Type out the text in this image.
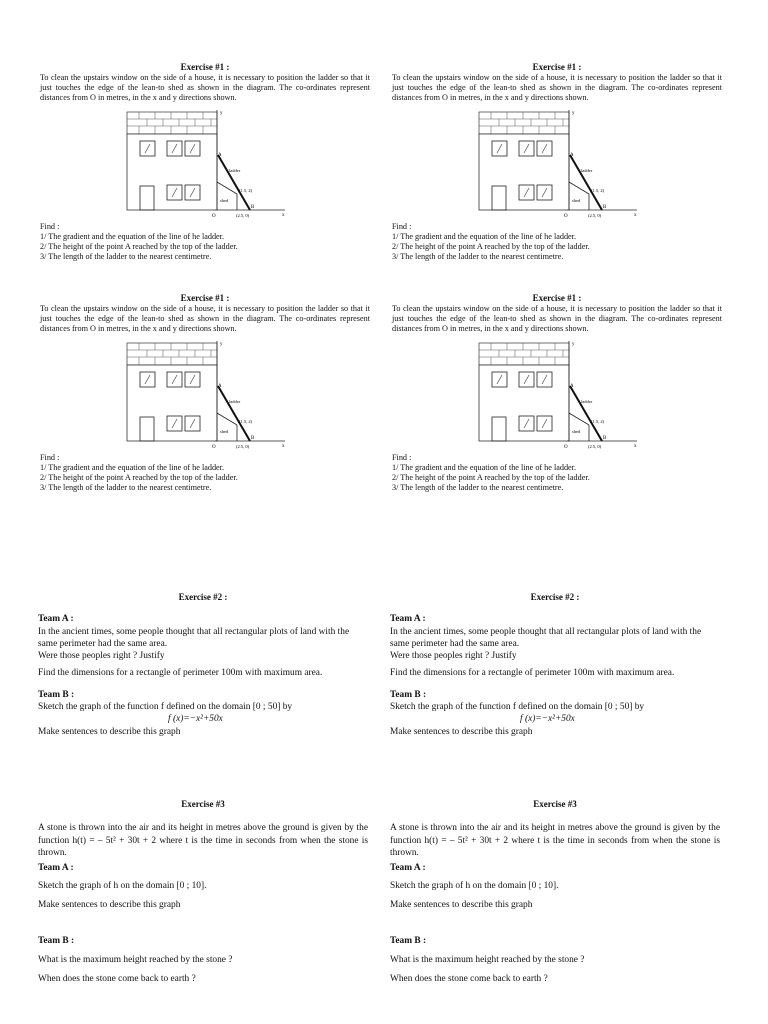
Exercise #1 :
To clean the upstairs window on the side of a house, it is necessary to position the ladder so that it just touches the edge of the lean-to shed as shown in the diagram. The co-ordinates represent distances from O in metres, in the x and y directions shown.
y
x
A
ladder
(1.5, 2)
shed
B
O	(2.5, 0)

Find :

1/ The gradient and the equation of the line of he ladder.

2/ The height of the point A reached by the top of the ladder.

3/ The length of the ladder to the nearest centimetre.

Exercise #1 :
To clean the upstairs window on the side of a house, it is necessary to position the ladder so that it just touches the edge of the lean-to shed as shown in the diagram. The co-ordinates represent distances from O in metres, in the x and y directions shown.
y
x
A
ladder
(1.5, 2)
shed
B
O	(2.5, 0)

Find :

1/ The gradient and the equation of the line of he ladder.

2/ The height of the point A reached by the top of the ladder.

3/ The length of the ladder to the nearest centimetre.

Exercise #1 :
To clean the upstairs window on the side of a house, it is necessary to position the ladder so that it just touches the edge of the lean-to shed as shown in the diagram. The co-ordinates represent distances from O in metres, in the x and y directions shown.
y
x
A
ladder
(1.5, 2)
shed
B
O	(2.5, 0)

Find :

1/ The gradient and the equation of the line of he ladder.

2/ The height of the point A reached by the top of the ladder.

3/ The length of the ladder to the nearest centimetre.

Exercise #1 :
To clean the upstairs window on the side of a house, it is necessary to position the ladder so that it just touches the edge of the lean-to shed as shown in the diagram. The co-ordinates represent distances from O in metres, in the x and y directions shown.
y
x
A
ladder
(1.5, 2)
shed
B
O	(2.5, 0)

Find :

1/ The gradient and the equation of the line of he ladder.

2/ The height of the point A reached by the top of the ladder.

3/ The length of the ladder to the nearest centimetre.

Exercise #2 :

Team A :

In the ancient times, some people thought that all rectangular plots of land with the same perimeter had the same area.

Were those peoples right ? Justify

Find the dimensions for a rectangle of perimeter 100m with maximum area.

Team B :

Sketch the graph of the function f defined on the domain [0 ; 50] by

f (x)=−x²+50x

Make sentences to describe this graph

Exercise #2 :

Team A :

In the ancient times, some people thought that all rectangular plots of land with the same perimeter had the same area.

Were those peoples right ? Justify

Find the dimensions for a rectangle of perimeter 100m with maximum area.

Team B :

Sketch the graph of the function f defined on the domain [0 ; 50] by

f (x)=−x²+50x

Make sentences to describe this graph

Exercise #3

A stone is thrown into the air and its height in metres above the ground is given by the function h(t) = – 5t² + 30t + 2 where t is the time in seconds from when the stone is thrown.

Team A :

Sketch the graph of h on the domain [0 ; 10].

Make sentences to describe this graph

Team B :

What is the maximum height reached by the stone ?

When does the stone come back to earth ?

Exercise #3

A stone is thrown into the air and its height in metres above the ground is given by the function h(t) = – 5t² + 30t + 2 where t is the time in seconds from when the stone is thrown.

Team A :

Sketch the graph of h on the domain [0 ; 10].

Make sentences to describe this graph

Team B :

What is the maximum height reached by the stone ?

When does the stone come back to earth ?
